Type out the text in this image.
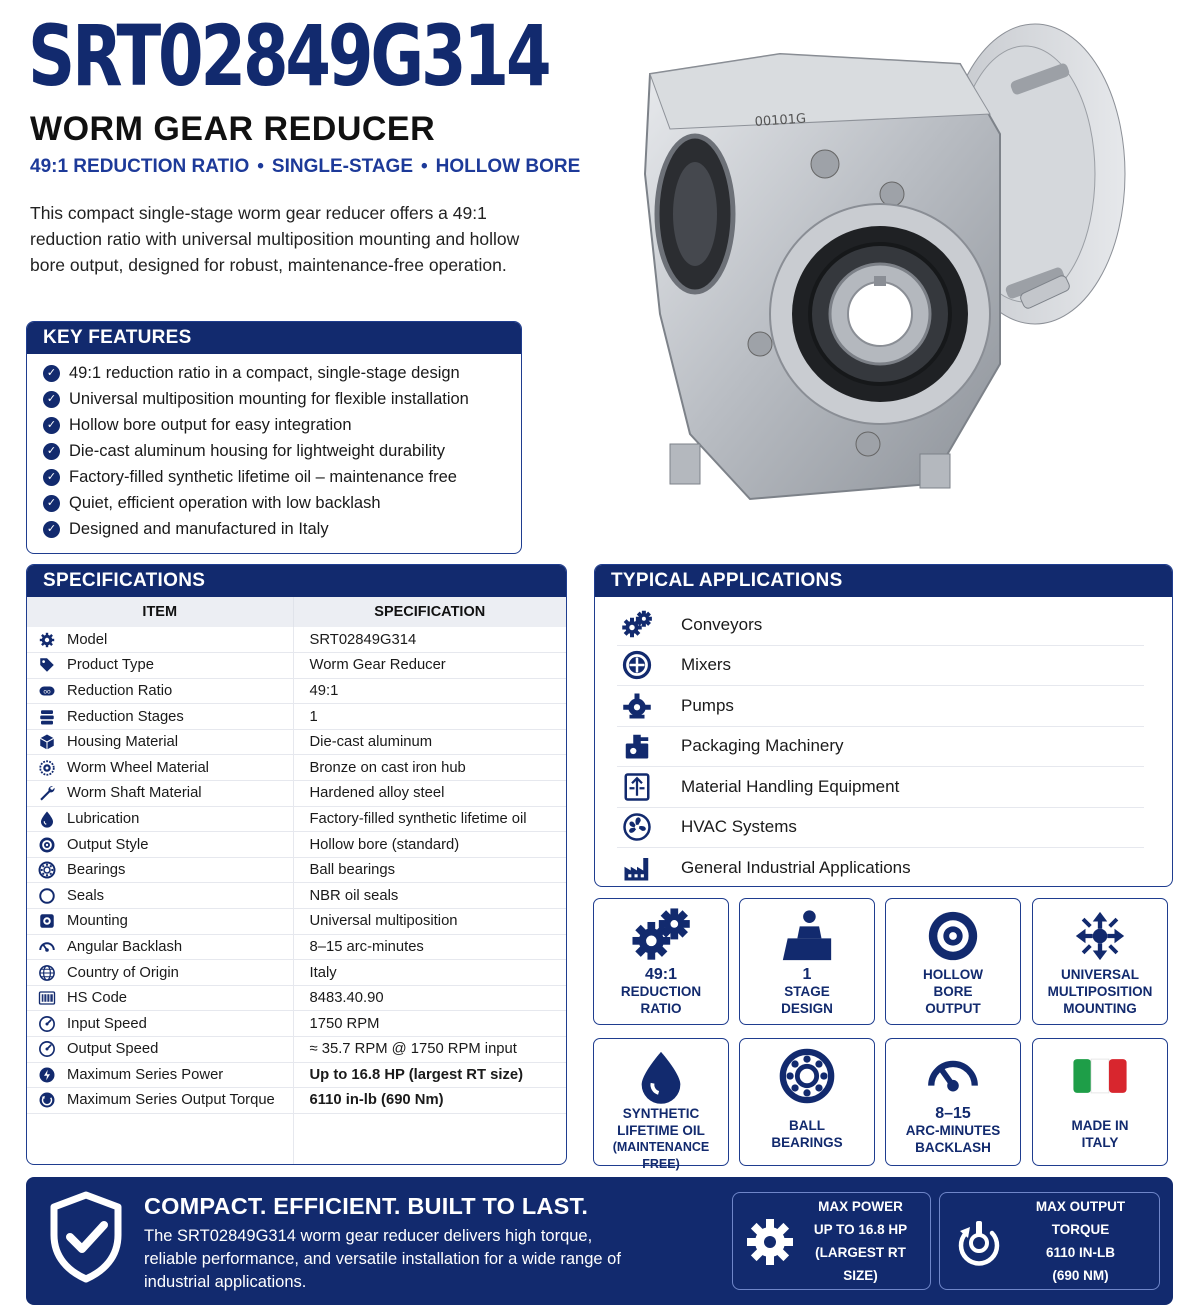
SRT02849G314
WORM GEAR REDUCER
49:1 REDUCTION RATIO • SINGLE-STAGE • HOLLOW BORE
This compact single-stage worm gear reducer offers a 49:1 reduction ratio with universal multiposition mounting and hollow bore output, designed for robust, maintenance-free operation.
00101G
KEY FEATURES
✓ 49:1 reduction ratio in a compact, single-stage design
✓ Universal multiposition mounting for flexible installation
✓ Hollow bore output for easy integration
✓ Die-cast aluminum housing for lightweight durability
✓ Factory-filled synthetic lifetime oil – maintenance free
✓ Quiet, efficient operation with low backlash
✓ Designed and manufactured in Italy
SPECIFICATIONS
ITEM		SPECIFICATION
	Model	SRT02849G314
	Product Type	Worm Gear Reducer

oo	Reduction Ratio	49:1
	Reduction Stages	1
	Housing Material	Die-cast aluminum
	Worm Wheel Material	Bronze on cast iron hub
	Worm Shaft Material	Hardened alloy steel
	Lubrication	Factory-filled synthetic lifetime oil
	Output Style	Hollow bore (standard)
	Bearings	Ball bearings
	Seals	NBR oil seals
	Mounting	Universal multiposition
	Angular Backlash	8–15 arc-minutes
	Country of Origin	Italy
	HS Code	8483.40.90
	Input Speed	1750 RPM
	Output Speed	≈ 35.7 RPM @ 1750 RPM input
	Maximum Series Power	Up to 16.8 HP (largest RT size)
	Maximum Series Output Torque	6110 in-lb (690 Nm)

TYPICAL APPLICATIONS
Conveyors
Mixers
Pumps
Packaging Machinery
Material Handling Equipment
HVAC Systems
General Industrial Applications
49:1
REDUCTION
RATIO
1
STAGE
DESIGN
HOLLOW
BORE
OUTPUT
UNIVERSAL
MULTIPOSITION
MOUNTING
SYNTHETIC
LIFETIME OIL
(MAINTENANCE FREE)
BALL
BEARINGS
8–15
ARC-MINUTES
BACKLASH
MADE IN
ITALY
COMPACT. EFFICIENT. BUILT TO LAST.
The SRT02849G314 worm gear reducer delivers high torque, reliable performance, and versatile installation for a wide range of industrial applications.
MAX POWER
UP TO 16.8 HP
(LARGEST RT SIZE)
MAX OUTPUT TORQUE
6110 IN-LB
(690 NM)
